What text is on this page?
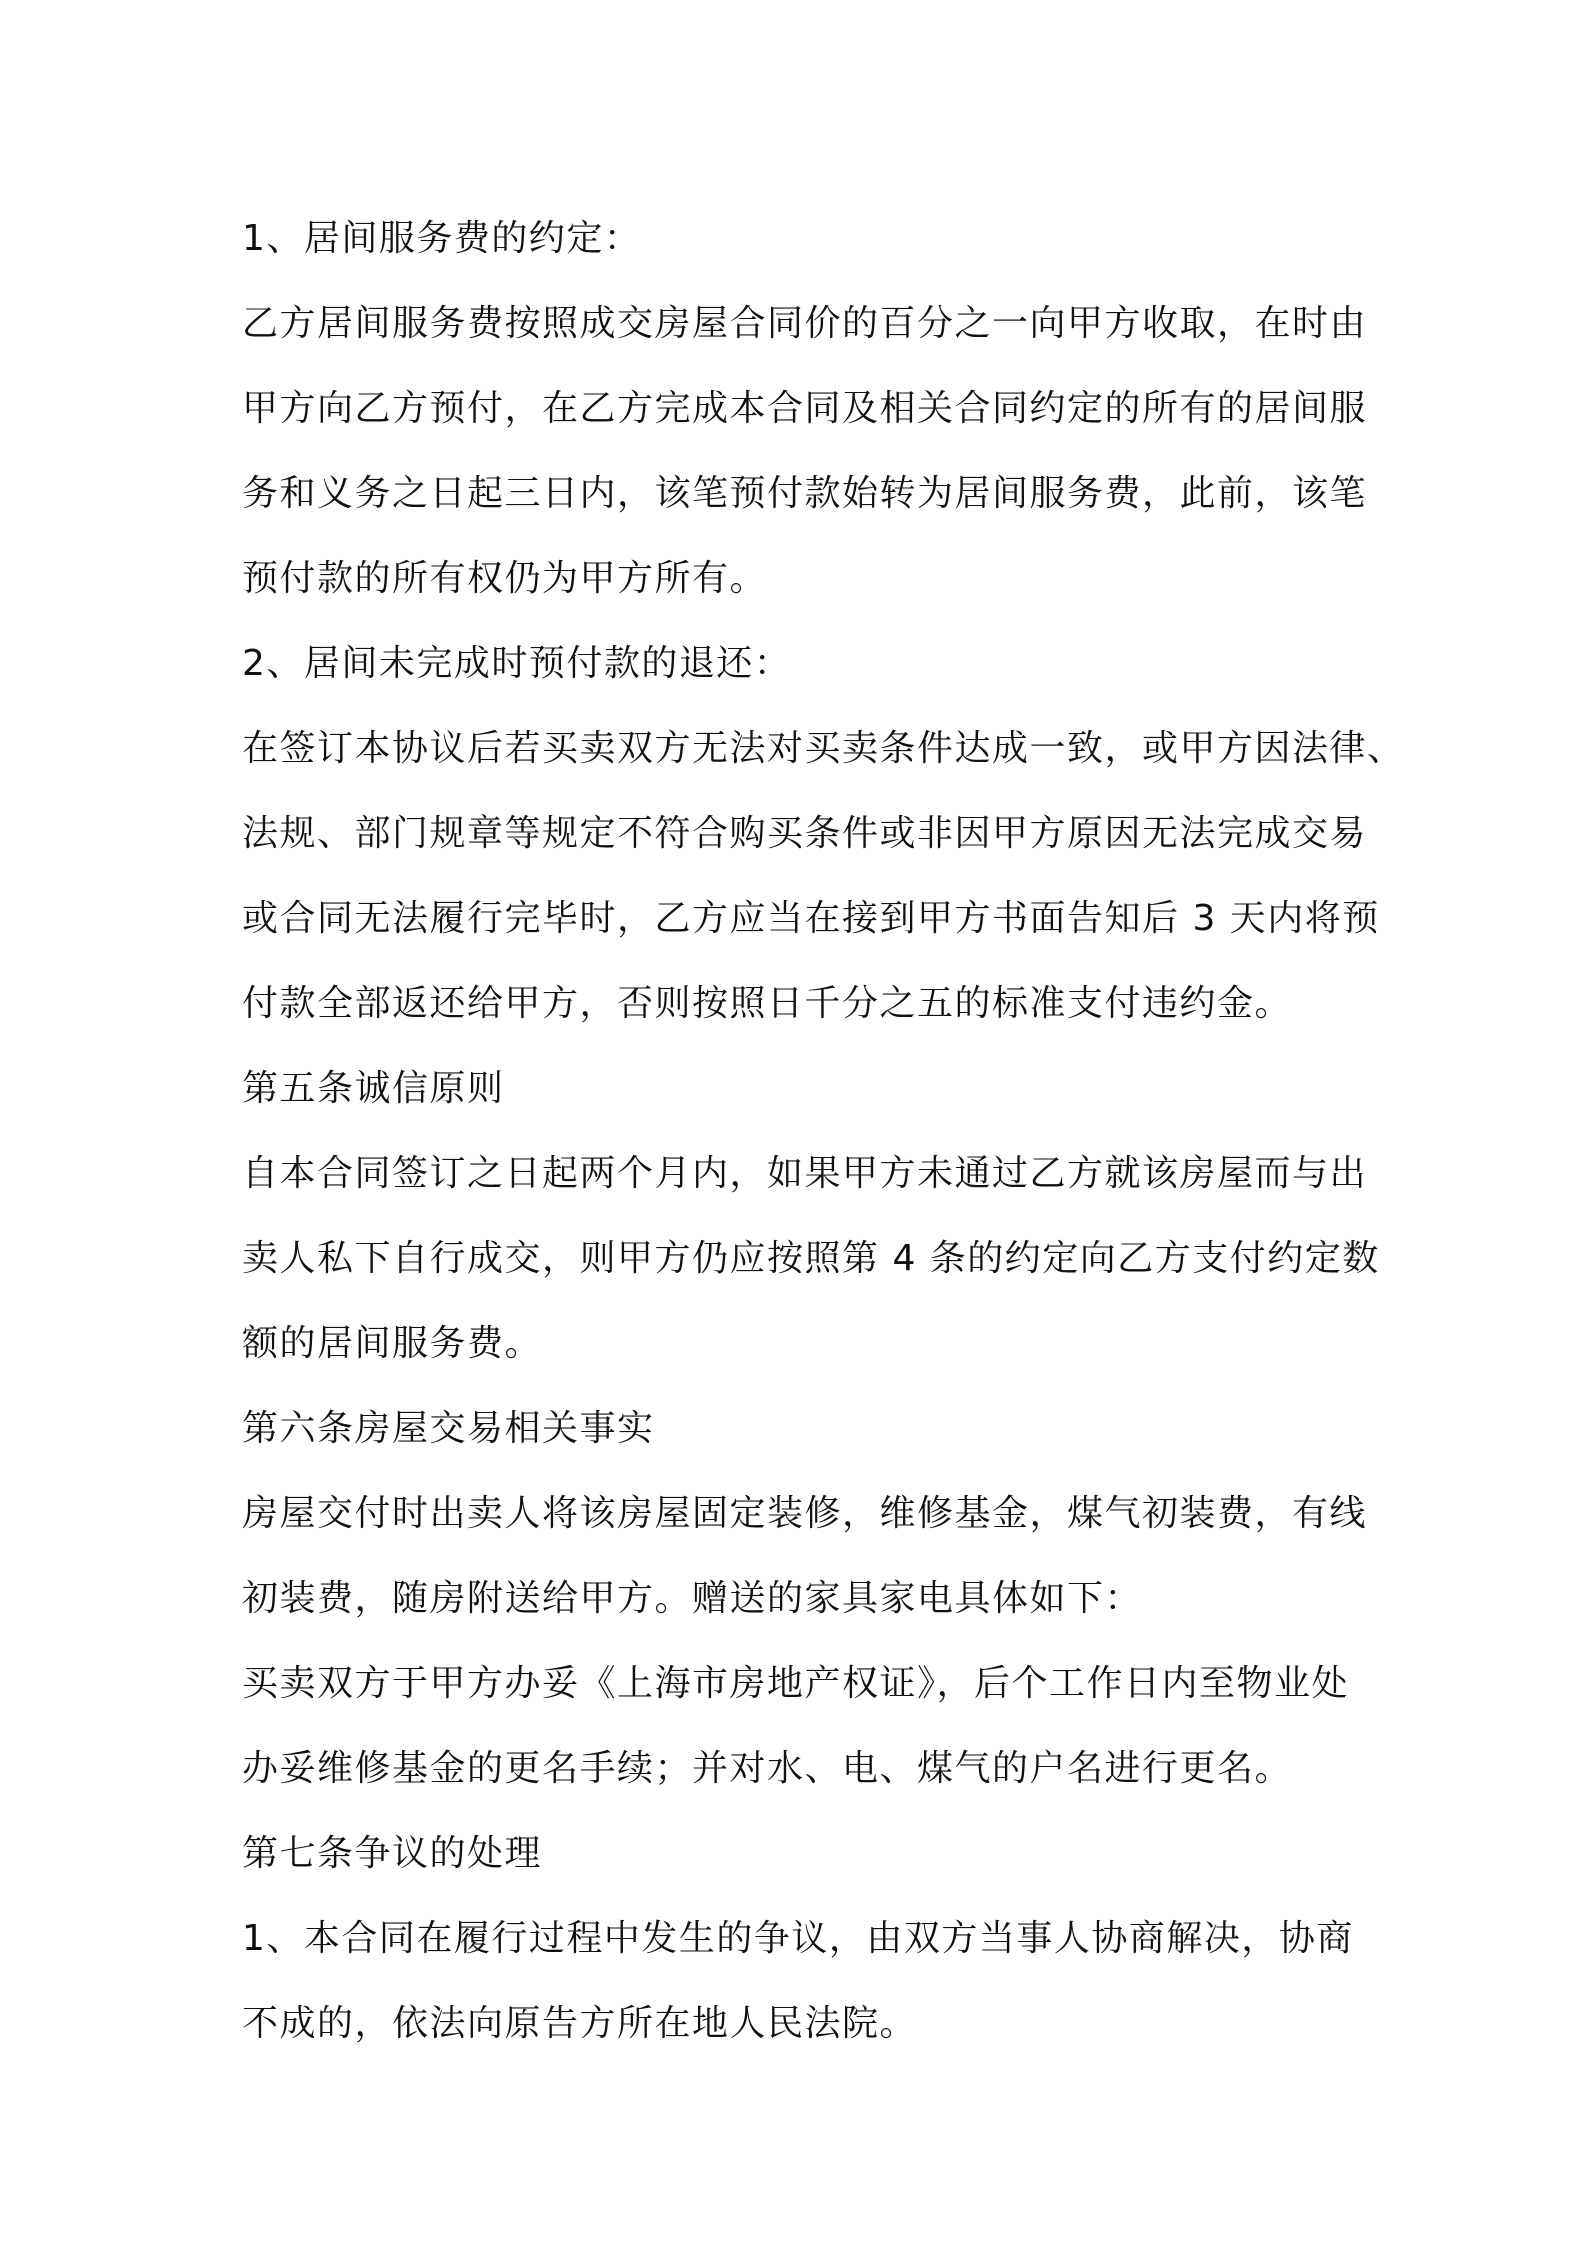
1、居间服务费的约定：

乙方居间服务费按照成交房屋合同价的百分之一向甲方收取，在时由

甲方向乙方预付，在乙方完成本合同及相关合同约定的所有的居间服

务和义务之日起三日内，该笔预付款始转为居间服务费，此前，该笔

预付款的所有权仍为甲方所有。

2、居间未完成时预付款的退还：

在签订本协议后若买卖双方无法对买卖条件达成一致，或甲方因法律、

法规、部门规章等规定不符合购买条件或非因甲方原因无法完成交易

或合同无法履行完毕时，乙方应当在接到甲方书面告知后 3 天内将预

付款全部返还给甲方，否则按照日千分之五的标准支付违约金。

第五条诚信原则

自本合同签订之日起两个月内，如果甲方未通过乙方就该房屋而与出

卖人私下自行成交，则甲方仍应按照第 4 条的约定向乙方支付约定数

额的居间服务费。

第六条房屋交易相关事实

房屋交付时出卖人将该房屋固定装修，维修基金，煤气初装费，有线

初装费，随房附送给甲方。赠送的家具家电具体如下：

买卖双方于甲方办妥《上海市房地产权证》，后个工作日内至物业处

办妥维修基金的更名手续；并对水、电、煤气的户名进行更名。

第七条争议的处理

1、本合同在履行过程中发生的争议，由双方当事人协商解决，协商

不成的，依法向原告方所在地人民法院。
